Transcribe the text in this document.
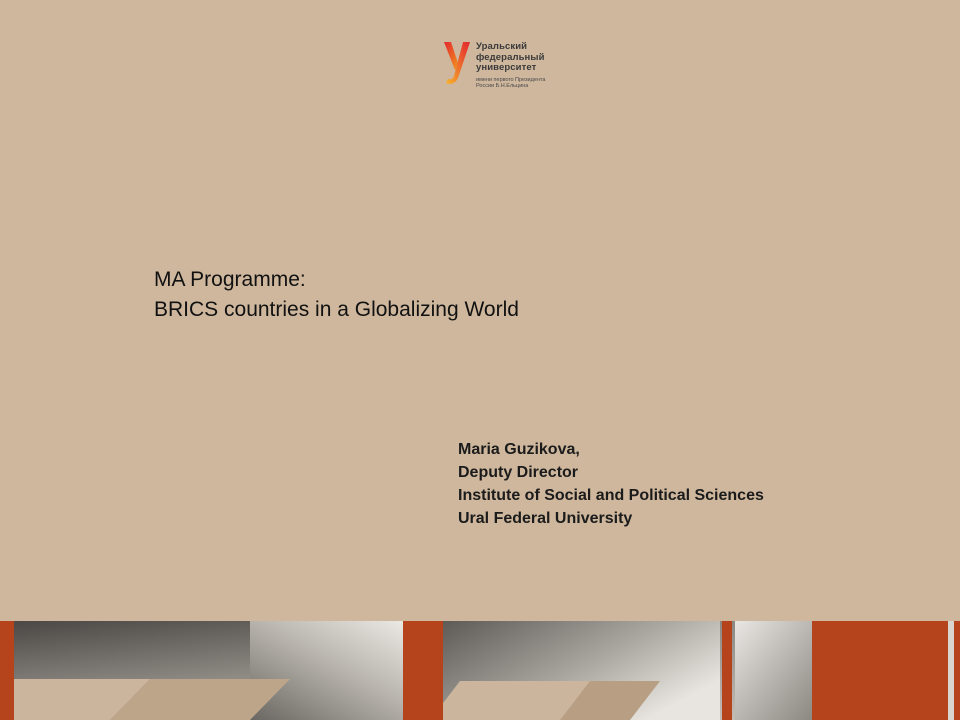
Уральский
федеральный
университет
имени первого Президента
России Б.Н.Ельцина
MA Programme:
BRICS countries in a Globalizing World
Maria Guzikova,
Deputy Director
Institute of Social and Political Sciences
Ural Federal University
